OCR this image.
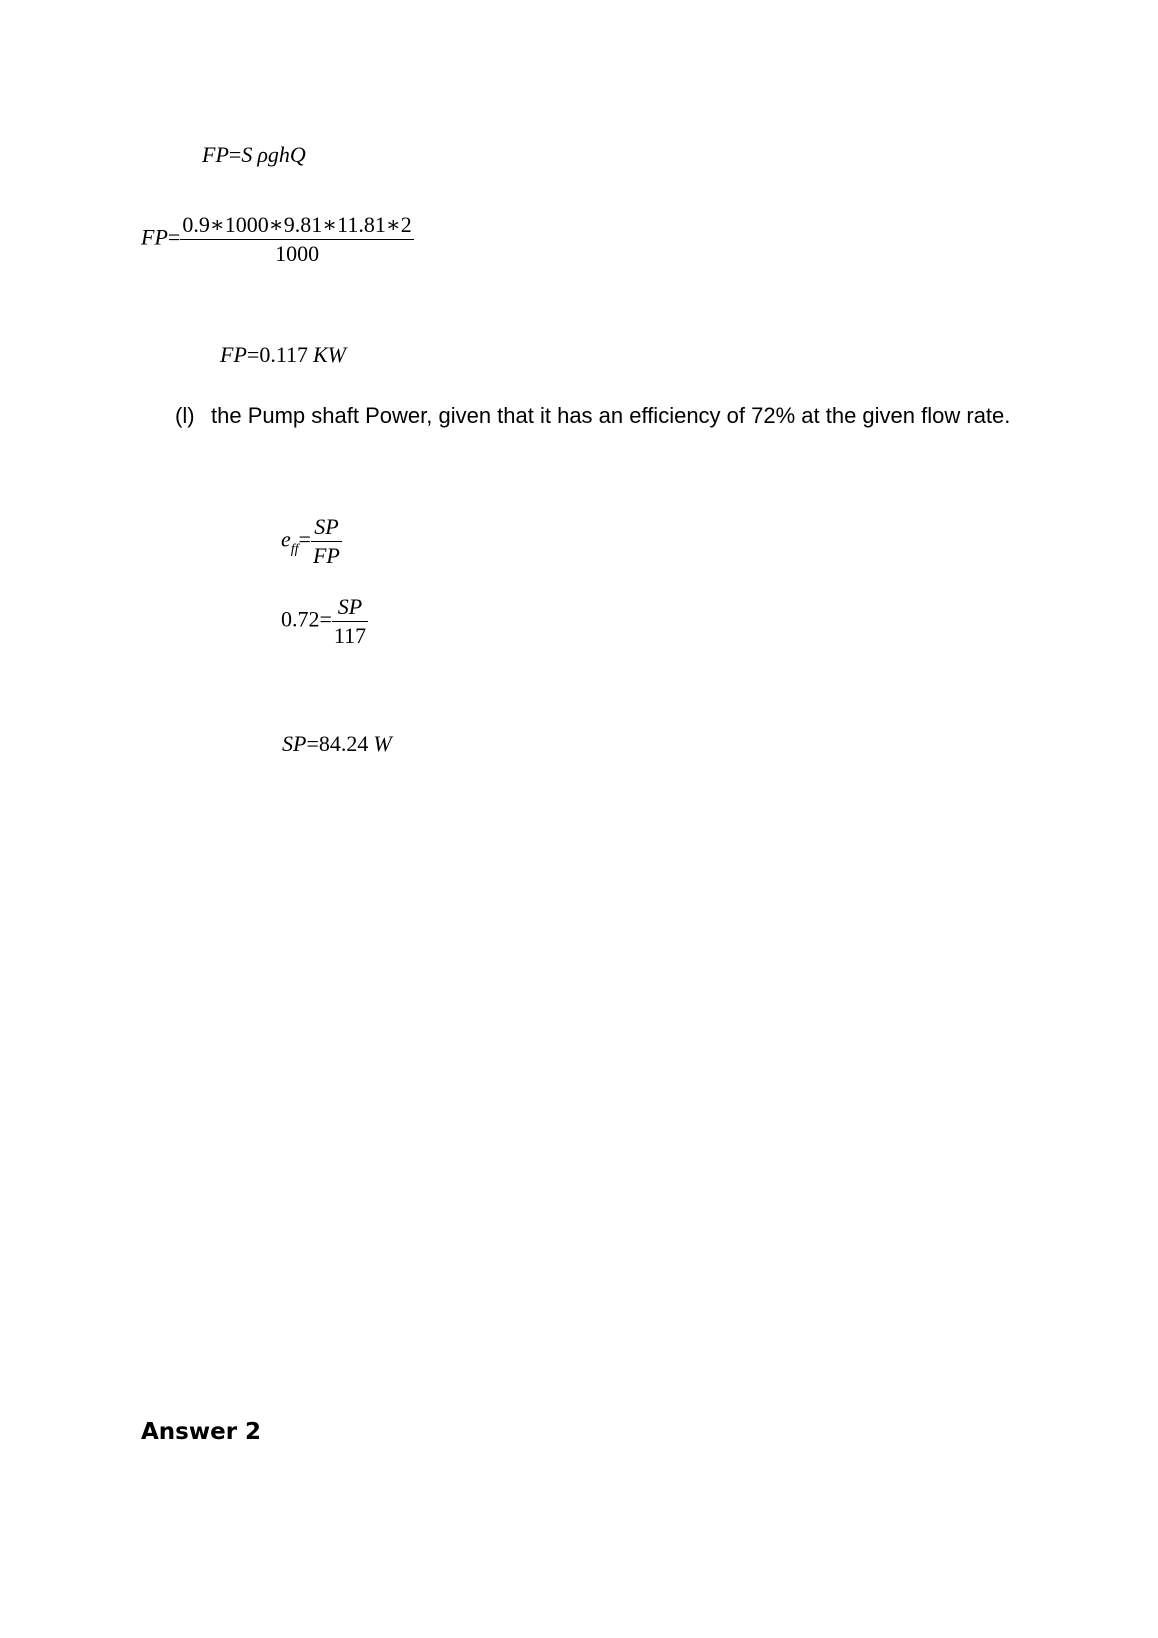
FP=S ρghQ
$FP= \frac{0.9∗1000∗9.81∗11.81∗2}{1000}$
FP=0.117 KW
(l) the Pump shaft Power, given that it has an efficiency of 72% at the given flow rate.
$e_{ff}= \frac{SP}{FP}$
$0.72= \frac{SP}{117}$
SP=84.24 W
Answer 2
